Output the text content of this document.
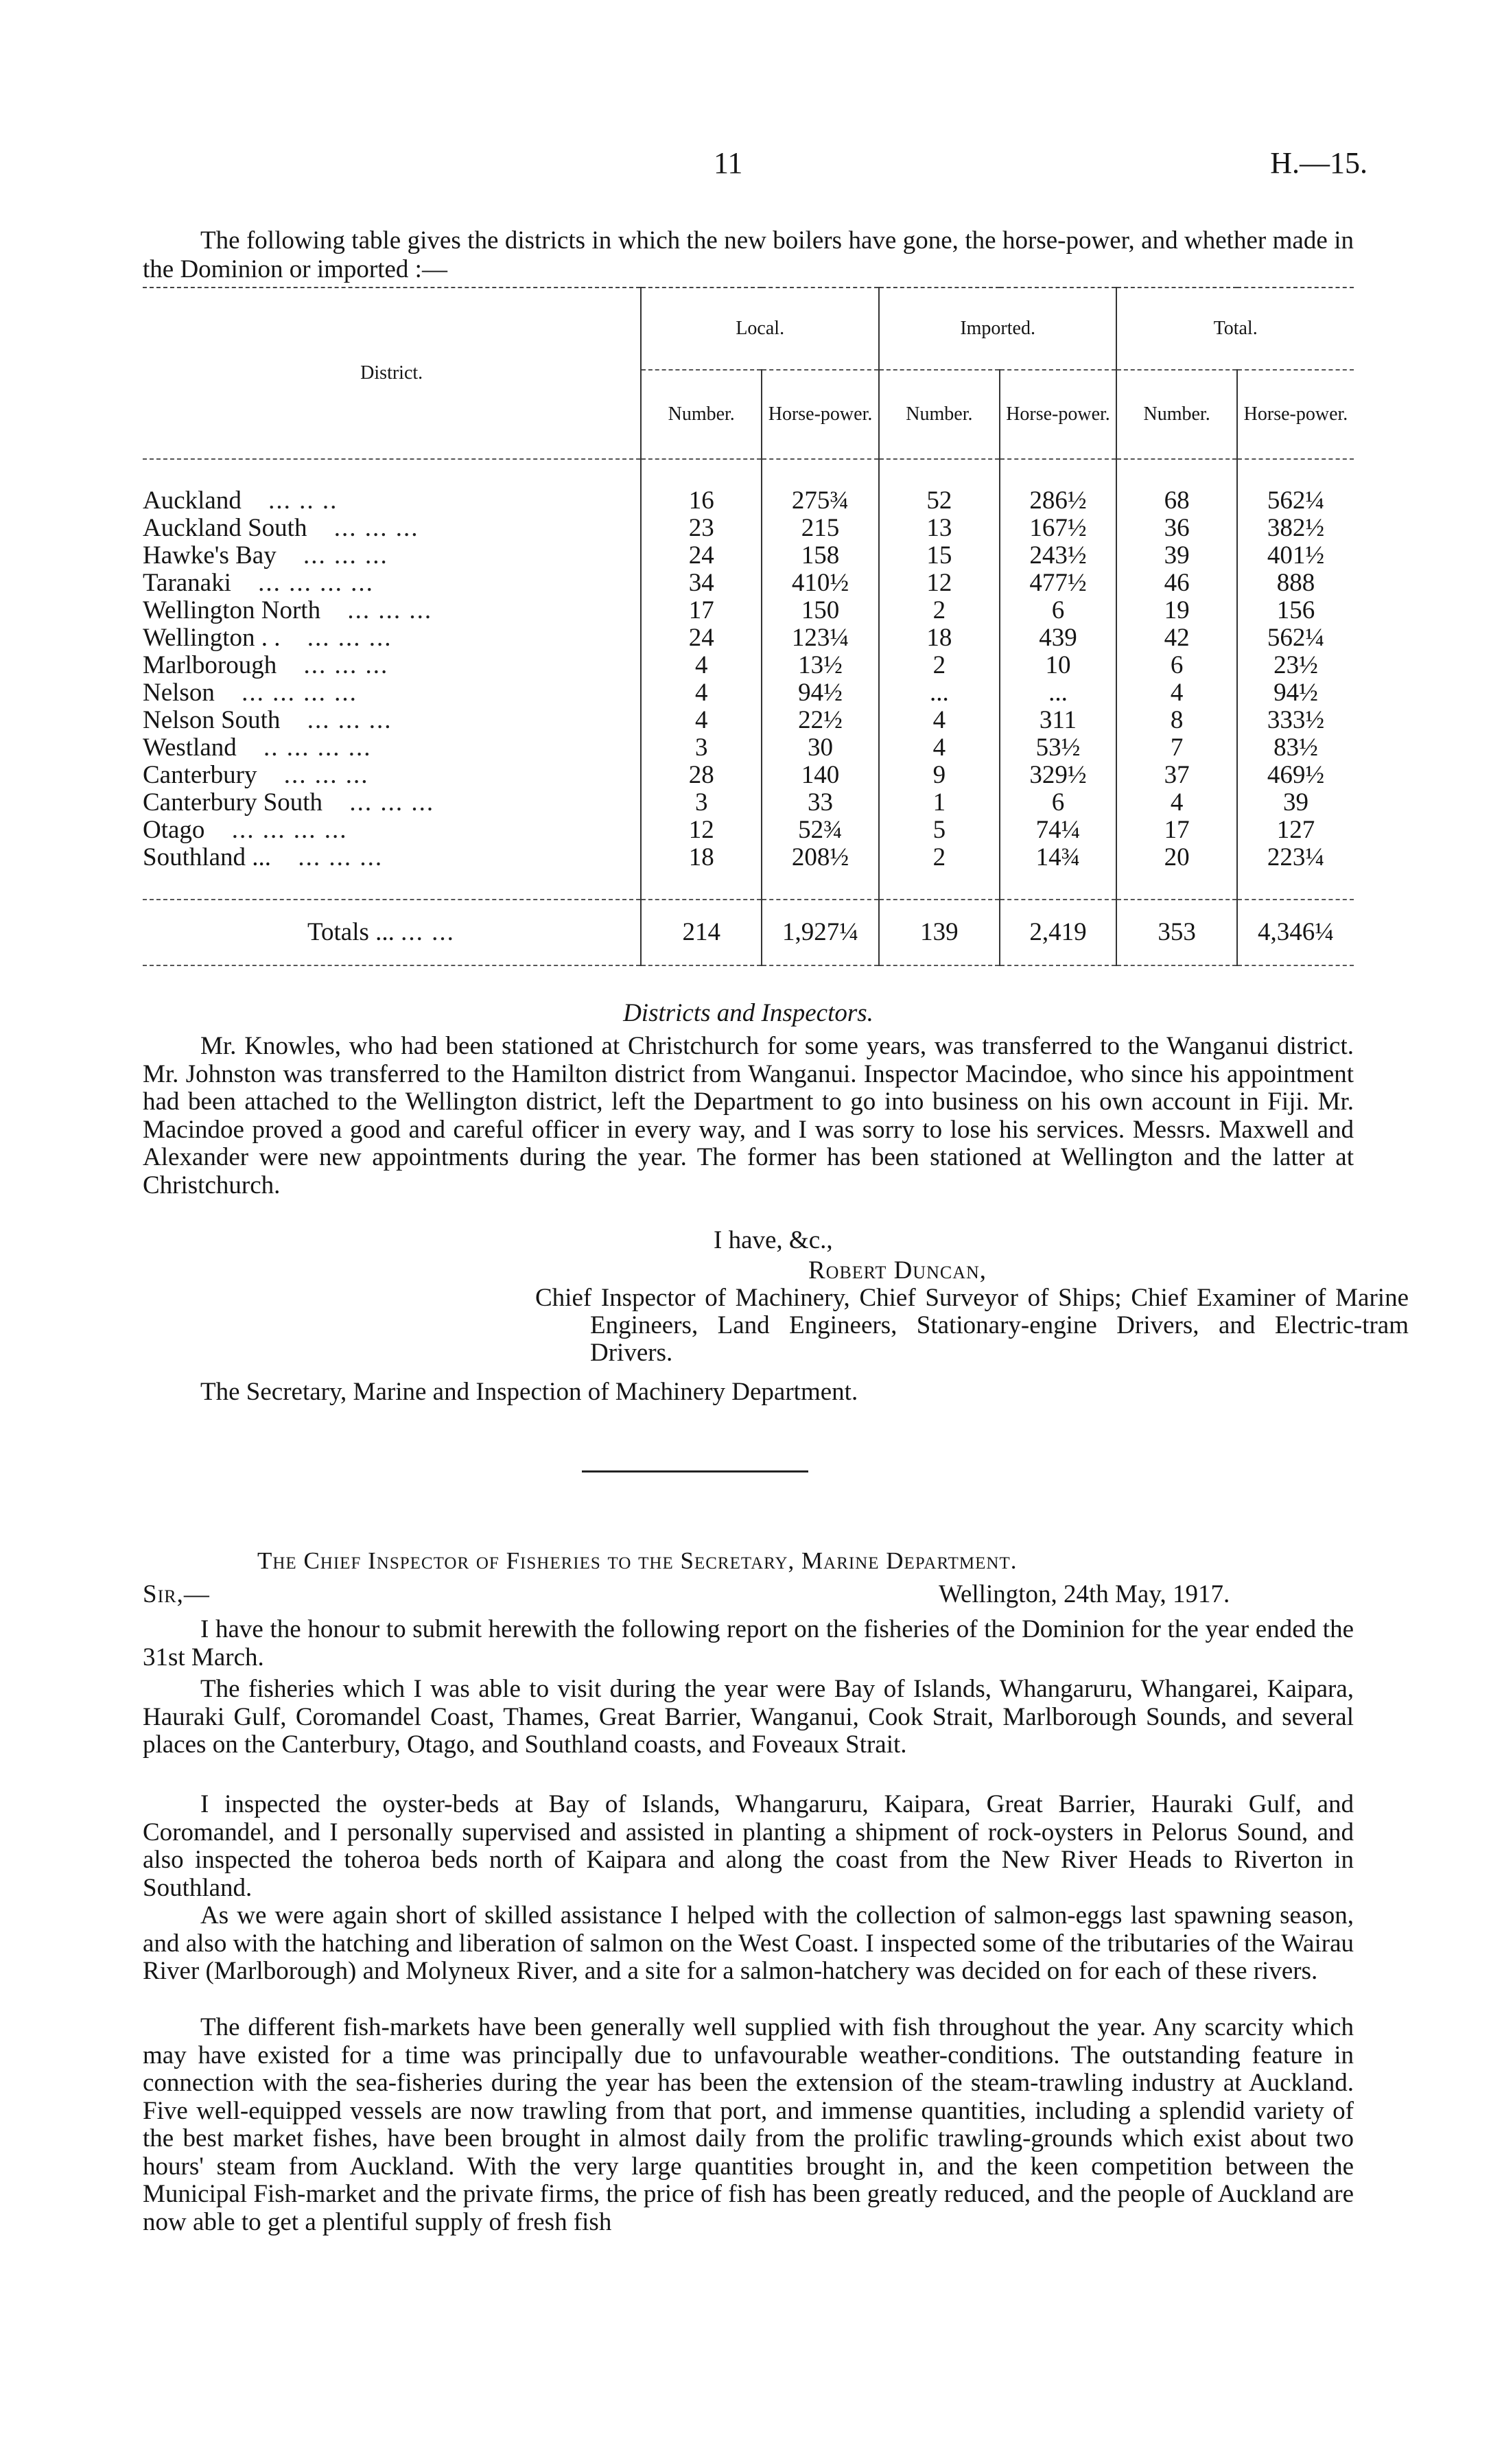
11	H.—15.

The following table gives the districts in which the new boilers have gone, the horse-power, and whether made in the Dominion or imported :—

District.	Local.		Imported.		Total.	
	Number.	Horse-power.	Number.	Horse-power.	Number.	Horse-power.

Auckland ... .. ..	16	275¾	52	286½	68	562¼
Auckland South ... ... ...	23	215	13	167½	36	382½
Hawke's Bay ... ... ...	24	158	15	243½	39	401½
Taranaki ... ... ... ...	34	410½	12	477½	46	888
Wellington North ... ... ...	17	150	2	6	19	156
Wellington . . ... ... ...	24	123¼	18	439	42	562¼
Marlborough ... ... ...	4	13½	2	10	6	23½
Nelson ... ... ... ...	4	94½	...	...	4	94½
Nelson South ... ... ...	4	22½	4	311	8	333½
Westland .. ... ... ...	3	30	4	53½	7	83½
Canterbury ... ... ...	28	140	9	329½	37	469½
Canterbury South ... ... ...	3	33	1	6	4	39
Otago ... ... ... ...	12	52¾	5	74¼	17	127
Southland ... ... ... ...	18	208½	2	14¾	20	223¼

Totals ... ... ...	214	1,927¼	139	2,419	353	4,346¼

Districts and Inspectors.

Mr. Knowles, who had been stationed at Christchurch for some years, was transferred to the Wanganui district. Mr. Johnston was transferred to the Hamilton district from Wanganui. Inspector Macindoe, who since his appointment had been attached to the Wellington district, left the Department to go into business on his own account in Fiji. Mr. Macindoe proved a good and careful officer in every way, and I was sorry to lose his services. Messrs. Maxwell and Alexander were new appointments during the year. The former has been stationed at Wellington and the latter at Christchurch.

I have, &c.,

Robert Duncan,

Chief Inspector of Machinery, Chief Surveyor of Ships; Chief Examiner of Marine Engineers, Land Engineers, Stationary-engine Drivers, and Electric-tram Drivers.

The Secretary, Marine and Inspection of Machinery Department.

The Chief Inspector of Fisheries to the Secretary, Marine Department.

Sir,—	Wellington, 24th May, 1917.

I have the honour to submit herewith the following report on the fisheries of the Dominion for the year ended the 31st March.

The fisheries which I was able to visit during the year were Bay of Islands, Whangaruru, Whangarei, Kaipara, Hauraki Gulf, Coromandel Coast, Thames, Great Barrier, Wanganui, Cook Strait, Marlborough Sounds, and several places on the Canterbury, Otago, and Southland coasts, and Foveaux Strait.

I inspected the oyster-beds at Bay of Islands, Whangaruru, Kaipara, Great Barrier, Hauraki Gulf, and Coromandel, and I personally supervised and assisted in planting a shipment of rock-oysters in Pelorus Sound, and also inspected the toheroa beds north of Kaipara and along the coast from the New River Heads to Riverton in Southland.

As we were again short of skilled assistance I helped with the collection of salmon-eggs last spawning season, and also with the hatching and liberation of salmon on the West Coast. I inspected some of the tributaries of the Wairau River (Marlborough) and Molyneux River, and a site for a salmon-hatchery was decided on for each of these rivers.

The different fish-markets have been generally well supplied with fish throughout the year. Any scarcity which may have existed for a time was principally due to unfavourable weather-conditions. The outstanding feature in connection with the sea-fisheries during the year has been the extension of the steam-trawling industry at Auckland. Five well-equipped vessels are now trawling from that port, and immense quantities, including a splendid variety of the best market fishes, have been brought in almost daily from the prolific trawling-grounds which exist about two hours' steam from Auckland. With the very large quantities brought in, and the keen competition between the Municipal Fish-market and the private firms, the price of fish has been greatly reduced, and the people of Auckland are now able to get a plentiful supply of fresh fish
